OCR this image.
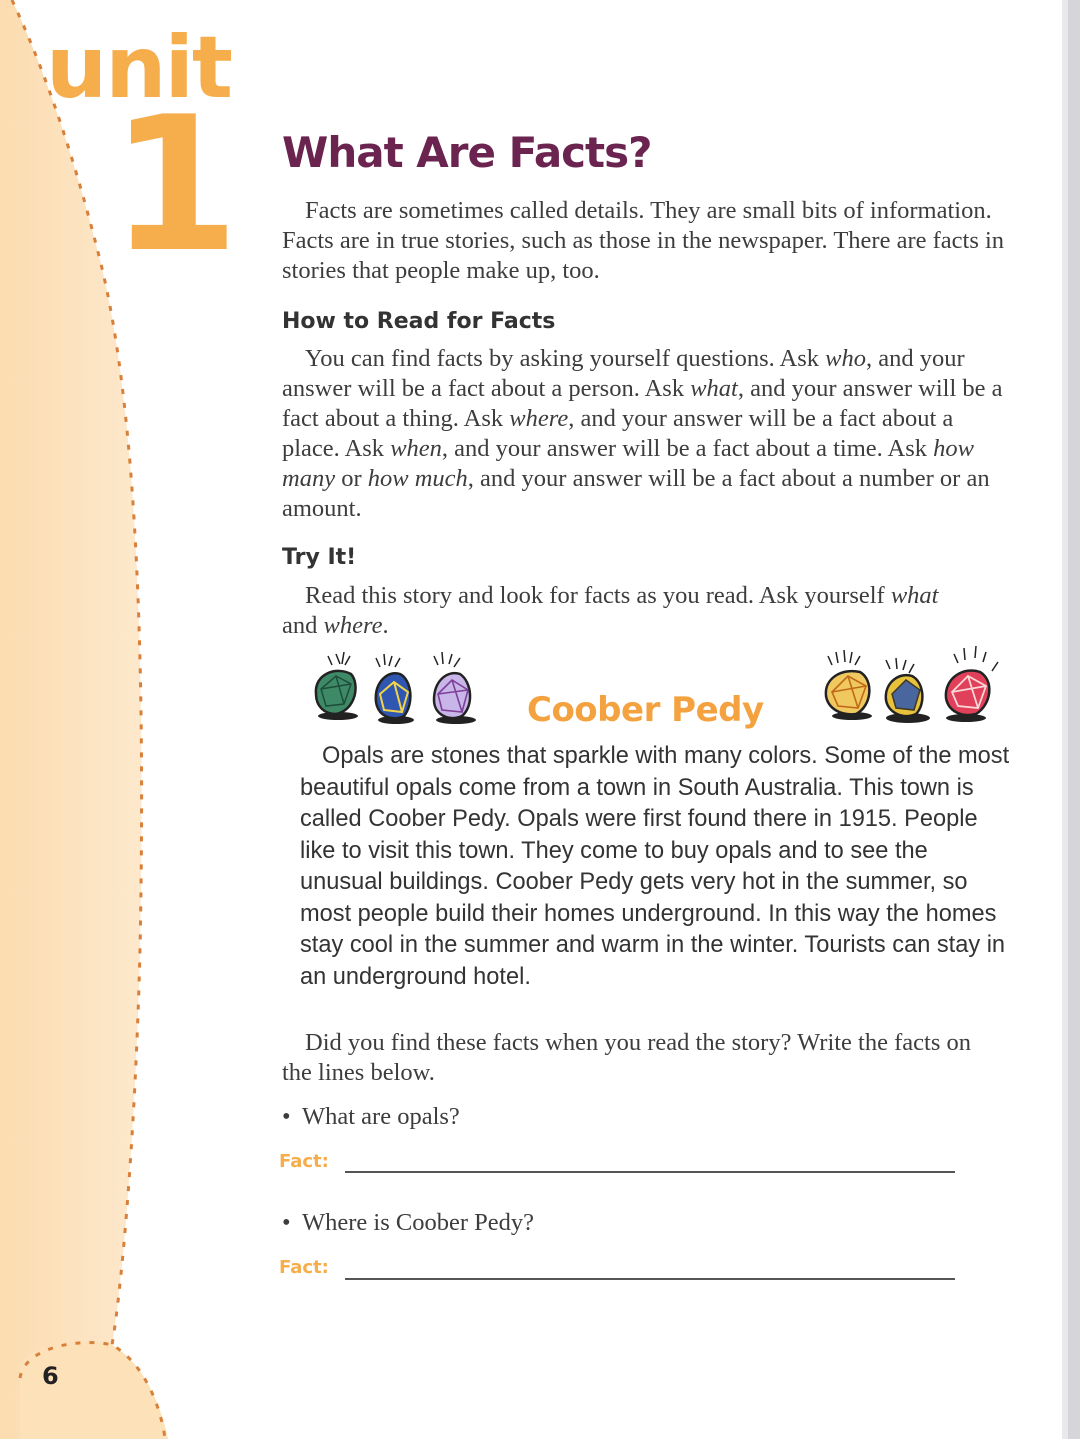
unit
1 What Are Facts?
Facts are sometimes called details. They are small bits of information. Facts are in true stories, such as those in the newspaper. There are facts in stories that people make up, too.
How to Read for Facts
You can find facts by asking yourself questions. Ask who, and your answer will be a fact about a person. Ask what, and your answer will be a fact about a thing. Ask where, and your answer will be a fact about a place. Ask when, and your answer will be a fact about a time. Ask how many or how much, and your answer will be a fact about a number or an amount.
Try It!
Read this story and look for facts as you read. Ask yourself what and where.
Coober Pedy
Opals are stones that sparkle with many colors. Some of the most beautiful opals come from a town in South Australia. This town is called Coober Pedy. Opals were first found there in 1915. People like to visit this town. They come to buy opals and to see the unusual buildings. Coober Pedy gets very hot in the summer, so most people build their homes underground. In this way the homes stay cool in the summer and warm in the winter. Tourists can stay in an underground hotel.
Did you find these facts when you read the story? Write the facts on the lines below.
• What are opals?
Fact:
• Where is Coober Pedy?
Fact:
6
